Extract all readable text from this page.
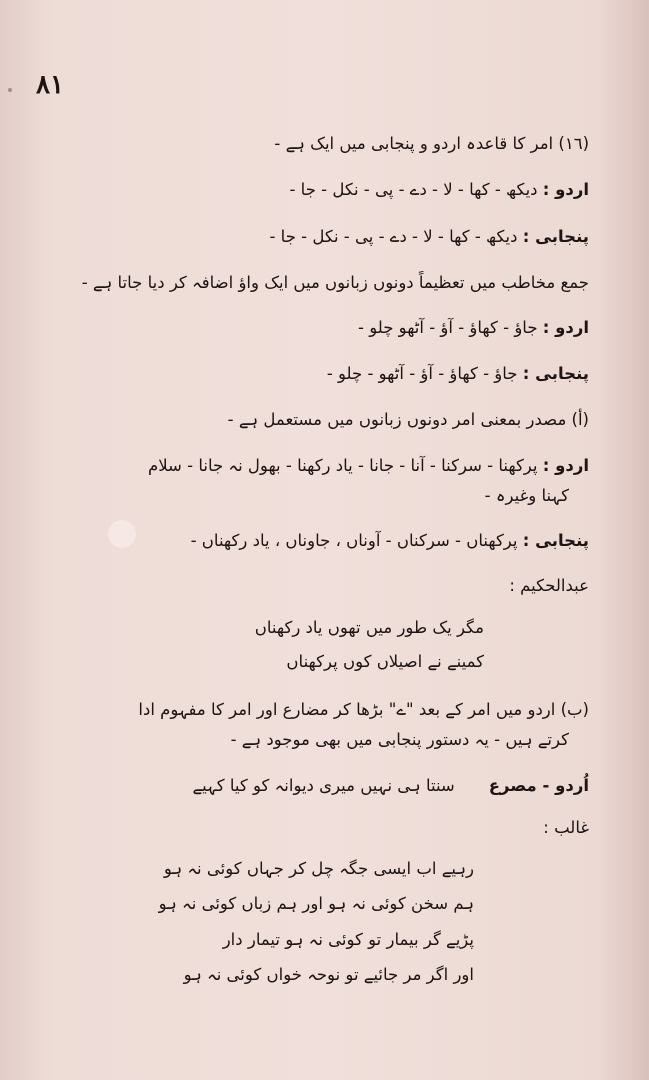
٨١
(١٦) امر کا قاعدہ اردو و پنجابی میں ایک ہے -
اردو : دیکھ - کھا - لا - دے - پی - نکل - جا -
پنجابی : دیکھ - کھا - لا - دے - پی - نکل - جا -
جمع مخاطب میں تعظیماً دونوں زبانوں میں ایک واؤ اضافہ کر دیا جاتا ہے -
اردو : جاؤ - کھاؤ - آؤ - آٹھو چلو -
پنجابی : جاؤ - کھاؤ - آؤ - آٹھو - چلو -
(أ) مصدر بمعنی امر دونوں زبانوں میں مستعمل ہے -
اردو : پرکھنا - سرکنا - آنا - جانا - یاد رکھنا - بھول نہ جانا - سلام
کہنا وغیرہ -
پنجابی : پرکھناں - سرکناں - آوناں ، جاوناں ، یاد رکھناں -
عبدالحکیم :
مگر یک طور میں تھوں یاد رکھناں
کمینے نے اصیلاں کوں پرکھناں
(ب) اردو میں امر کے بعد "ے" بڑھا کر مضارع اور امر کا مفہوم ادا
کرتے ہیں - یہ دستور پنجابی میں بھی موجود ہے -
اُردو - مصرعسنتا ہی نہیں میری دیوانہ کو کیا کہیے
غالب :
رہیے اب ایسی جگہ چل کر جہاں کوئی نہ ہو
ہم سخن کوئی نہ ہو اور ہم زباں کوئی نہ ہو
پڑیے گر بیمار تو کوئی نہ ہو تیمار دار
اور اگر مر جائیے تو نوحہ خواں کوئی نہ ہو
